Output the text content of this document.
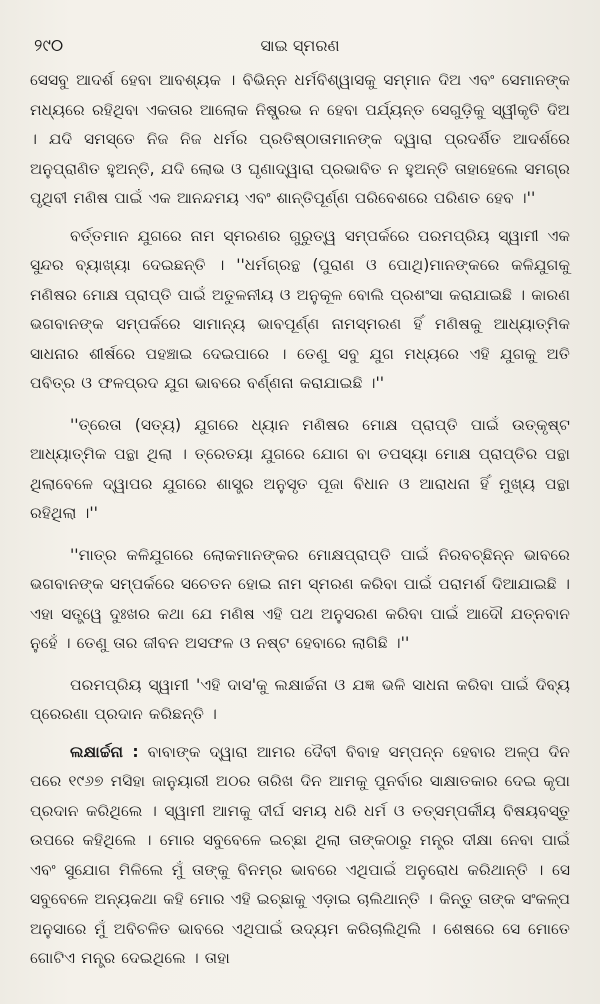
୨୯୦	ସାଇ ସ୍ମରଣ

ସେସବୁ ଆଦର୍ଶ ହେବା ଆବଶ୍ୟକ । ବିଭିନ୍ନ ଧର୍ମବିଶ୍ୱାସକୁ ସମ୍ମାନ ଦିଅ ଏବଂ ସେମାନଙ୍କ ମଧ୍ୟରେ ରହିଥିବା ଏକତାର ଆଲୋକ ନିଷ୍ପ୍ରଭ ନ ହେବା ପର୍ଯ୍ୟନ୍ତ ସେଗୁଡ଼ିକୁ ସ୍ୱୀକୃତି ଦିଅ । ଯଦି ସମସ୍ତେ ନିଜ ନିଜ ଧର୍ମର ପ୍ରତିଷ୍ଠାତାମାନଙ୍କ ଦ୍ୱାରା ପ୍ରଦର୍ଶିତ ଆଦର୍ଶରେ ଅନୁପ୍ରାଣିତ ହୁଅନ୍ତି, ଯଦି ଲୋଭ ଓ ଘୃଣାଦ୍ୱାରା ପ୍ରଭାବିତ ନ ହୁଅନ୍ତି ତାହାହେଲେ ସମଗ୍ର ପୃଥିବୀ ମଣିଷ ପାଇଁ ଏକ ଆନନ୍ଦମୟ ଏବଂ ଶାନ୍ତିପୂର୍ଣ୍ଣ ପରିବେଶରେ ପରିଣତ ହେବ ।''

ବର୍ତ୍ତମାନ ଯୁଗରେ ନାମ ସ୍ମରଣର ଗୁରୁତ୍ୱ ସମ୍ପର୍କରେ ପରମପ୍ରିୟ ସ୍ୱାମୀ ଏକ ସୁନ୍ଦର ବ୍ୟାଖ୍ୟା ଦେଇଛନ୍ତି । ''ଧର୍ମଗ୍ରନ୍ଥ (ପୁରାଣ ଓ ପୋଥି)ମାନଙ୍କରେ କଳିଯୁଗକୁ ମଣିଷର ମୋକ୍ଷ ପ୍ରାପ୍ତି ପାଇଁ ଅତୁଳନୀୟ ଓ ଅନୁକୂଳ ବୋଲି ପ୍ରଶଂସା କରାଯାଇଛି । କାରଣ ଭଗବାନଙ୍କ ସମ୍ପର୍କରେ ସାମାନ୍ୟ ଭାବପୂର୍ଣ୍ଣ ନାମସ୍ମରଣ ହିଁ ମଣିଷକୁ ଆଧ୍ୟାତ୍ମିକ ସାଧନାର ଶୀର୍ଷରେ ପହଞ୍ଚାଇ ଦେଇପାରେ । ତେଣୁ ସବୁ ଯୁଗ ମଧ୍ୟରେ ଏହି ଯୁଗକୁ ଅତି ପବିତ୍ର ଓ ଫଳପ୍ରଦ ଯୁଗ ଭାବରେ ବର୍ଣ୍ଣନା କରାଯାଇଛି ।''

''ତ୍ରେତା (ସତ୍ୟ) ଯୁଗରେ ଧ୍ୟାନ ମଣିଷର ମୋକ୍ଷ ପ୍ରାପ୍ତି ପାଇଁ ଉତ୍କୃଷ୍ଟ ଆଧ୍ୟାତ୍ମିକ ପନ୍ଥା ଥିଲା । ତ୍ରେତୟା ଯୁଗରେ ଯୋଗ ବା ତପସ୍ୟା ମୋକ୍ଷ ପ୍ରାପ୍ତିର ପନ୍ଥା ଥିଲାବେଳେ ଦ୍ୱାପର ଯୁଗରେ ଶାସ୍ତ୍ର ଅନୁସୃତ ପୂଜା ବିଧାନ ଓ ଆରାଧନା ହିଁ ମୁଖ୍ୟ ପନ୍ଥା ରହିଥିଲା ।''

''ମାତ୍ର କଳିଯୁଗରେ ଲୋକମାନଙ୍କର ମୋକ୍ଷପ୍ରାପ୍ତି ପାଇଁ ନିରବଚ୍ଛିନ୍ନ ଭାବରେ ଭଗବାନଙ୍କ ସମ୍ପର୍କରେ ସଚେତନ ହୋଇ ନାମ ସ୍ମରଣ କରିବା ପାଇଁ ପରାମର୍ଶ ଦିଆଯାଇଛି । ଏହା ସତ୍ତ୍ୱେ ଦୁଃଖର କଥା ଯେ ମଣିଷ ଏହି ପଥ ଅନୁସରଣ କରିବା ପାଇଁ ଆଦୌ ଯତ୍ନବାନ ନୁହେଁ । ତେଣୁ ତାର ଜୀବନ ଅସଫଳ ଓ ନଷ୍ଟ ହେବାରେ ଲାଗିଛି ।''

ପରମପ୍ରିୟ ସ୍ୱାମୀ 'ଏହି ଦାସ'କୁ ଲକ୍ଷାର୍ଚ୍ଚନା ଓ ଯଜ୍ଞ ଭଳି ସାଧନା କରିବା ପାଇଁ ଦିବ୍ୟ ପ୍ରେରଣା ପ୍ରଦାନ କରିଛନ୍ତି ।

ଲକ୍ଷାର୍ଚ୍ଚନା : ବାବାଙ୍କ ଦ୍ୱାରା ଆମର ଦୈବୀ ବିବାହ ସମ୍ପନ୍ନ ହେବାର ଅଳ୍ପ ଦିନ ପରେ ୧୯୬୭ ମସିହା ଜାନୁୟାରୀ ଅଠର ତାରିଖ ଦିନ ଆମକୁ ପୁନର୍ବାର ସାକ୍ଷାତକାର ଦେଇ କୃପା ପ୍ରଦାନ କରିଥିଲେ । ସ୍ୱାମୀ ଆମକୁ ଦୀର୍ଘ ସମୟ ଧରି ଧର୍ମ ଓ ତତ୍ସମ୍ପର୍କୀୟ ବିଷୟବସ୍ତୁ ଉପରେ କହିଥିଲେ । ମୋର ସବୁବେଳେ ଇଚ୍ଛା ଥିଲା ତାଙ୍କଠାରୁ ମନ୍ତ୍ର ଦୀକ୍ଷା ନେବା ପାଇଁ ଏବଂ ସୁଯୋଗ ମିଳିଲେ ମୁଁ ତାଙ୍କୁ ବିନମ୍ର ଭାବରେ ଏଥିପାଇଁ ଅନୁରୋଧ କରିଥାନ୍ତି । ସେ ସବୁବେଳେ ଅନ୍ୟକଥା କହି ମୋର ଏହି ଇଚ୍ଛାକୁ ଏଡ଼ାଇ ଚାଲିଥାନ୍ତି । କିନ୍ତୁ ତାଙ୍କ ସଂକଳ୍ପ ଅନୁସାରେ ମୁଁ ଅବିଚଳିତ ଭାବରେ ଏଥିପାଇଁ ଉଦ୍ୟମ କରିଚାଲିଥିଲି । ଶେଷରେ ସେ ମୋତେ ଗୋଟିଏ ମନ୍ତ୍ର ଦେଇଥିଲେ । ତାହା
